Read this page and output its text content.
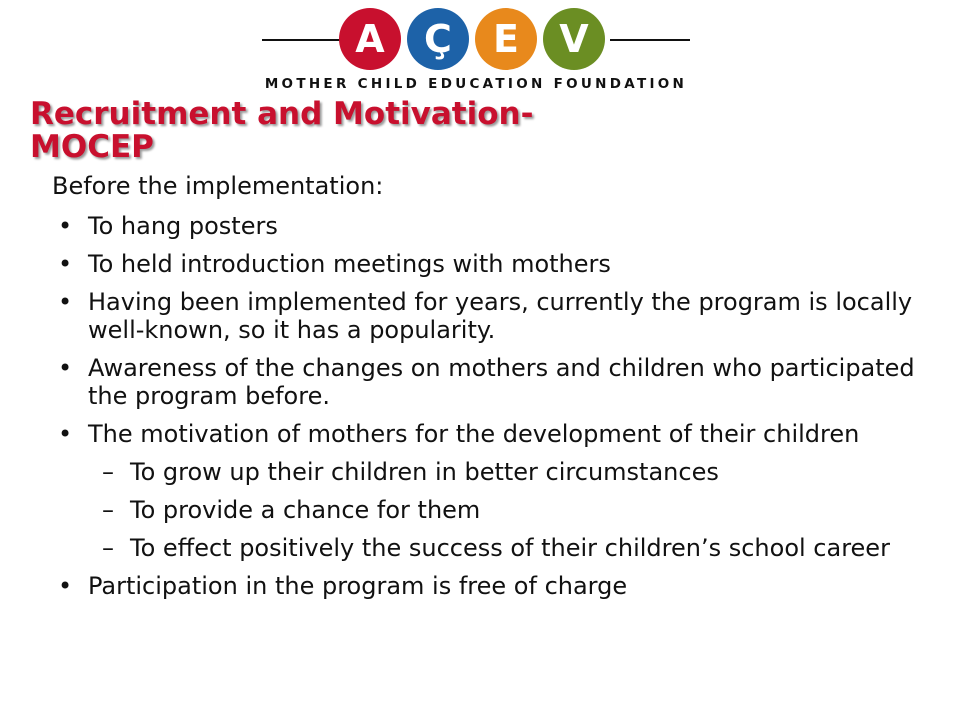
A	Ç	E	V
MOTHER CHILD EDUCATION FOUNDATION
Recruitment and Motivation-
MOCEP

Before the implementation:

• To hang posters
• To held introduction meetings with mothers
• Having been implemented for years, currently the program is locally well-known, so it has a popularity.
• Awareness of the changes on mothers and children who participated the program before.
• The motivation of mothers for the development of their children
– To grow up their children in better circumstances
– To provide a chance for them
– To effect positively the success of their children’s school career
• Participation in the program is free of charge
